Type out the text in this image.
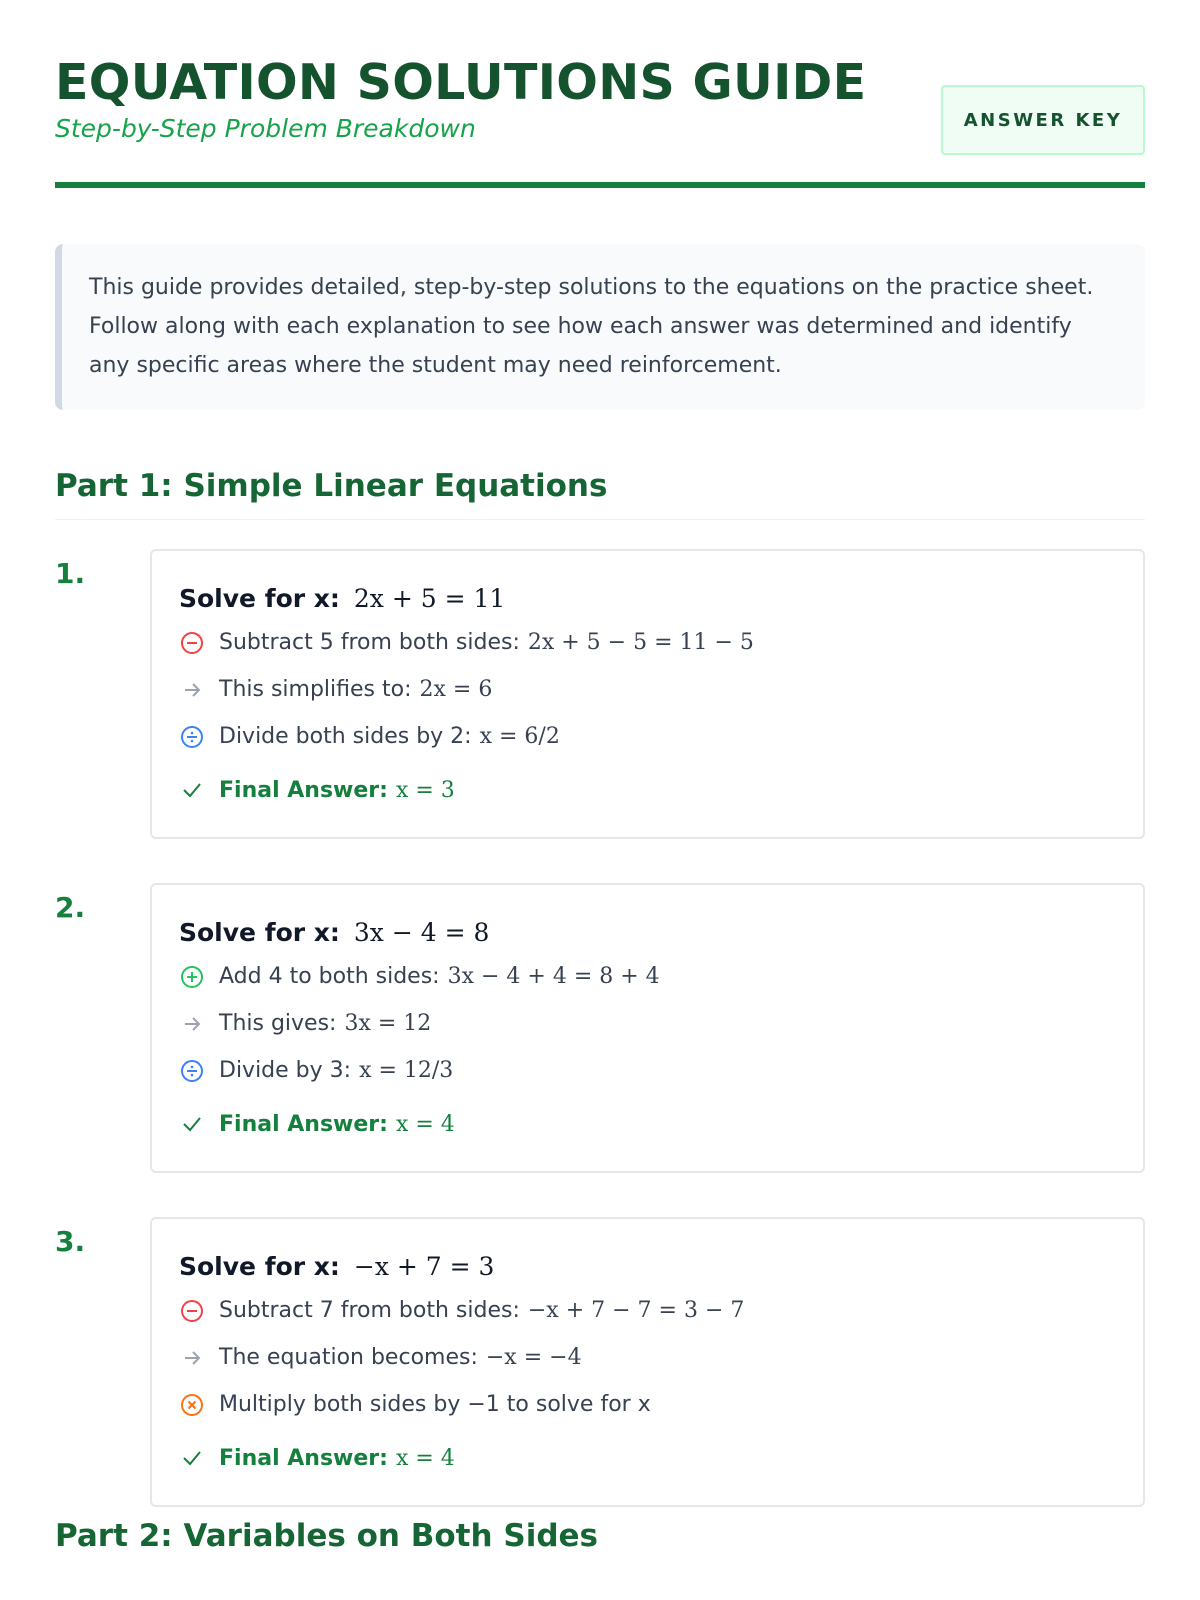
EQUATION SOLUTIONS GUIDE
Step-by-Step Problem Breakdown	ANSWER KEY

This guide provides detailed, step-by-step solutions to the equations on the practice sheet. Follow along with each explanation to see how each answer was determined and identify any specific areas where the student may need reinforcement.

Part 1: Simple Linear Equations
1.
Solve for x: 2x + 5 = 11
Subtract 5 from both sides: 2x + 5 − 5 = 11 − 5
This simplifies to: 2x = 6
Divide both sides by 2: x = 6/2
Final Answer: x = 3
2.
Solve for x: 3x − 4 = 8
Add 4 to both sides: 3x − 4 + 4 = 8 + 4
This gives: 3x = 12
Divide by 3: x = 12/3
Final Answer: x = 4
3.
Solve for x: −x + 7 = 3
Subtract 7 from both sides: −x + 7 − 7 = 3 − 7
The equation becomes: −x = −4
Multiply both sides by −1 to solve for x
Final Answer: x = 4
Part 2: Variables on Both Sides
